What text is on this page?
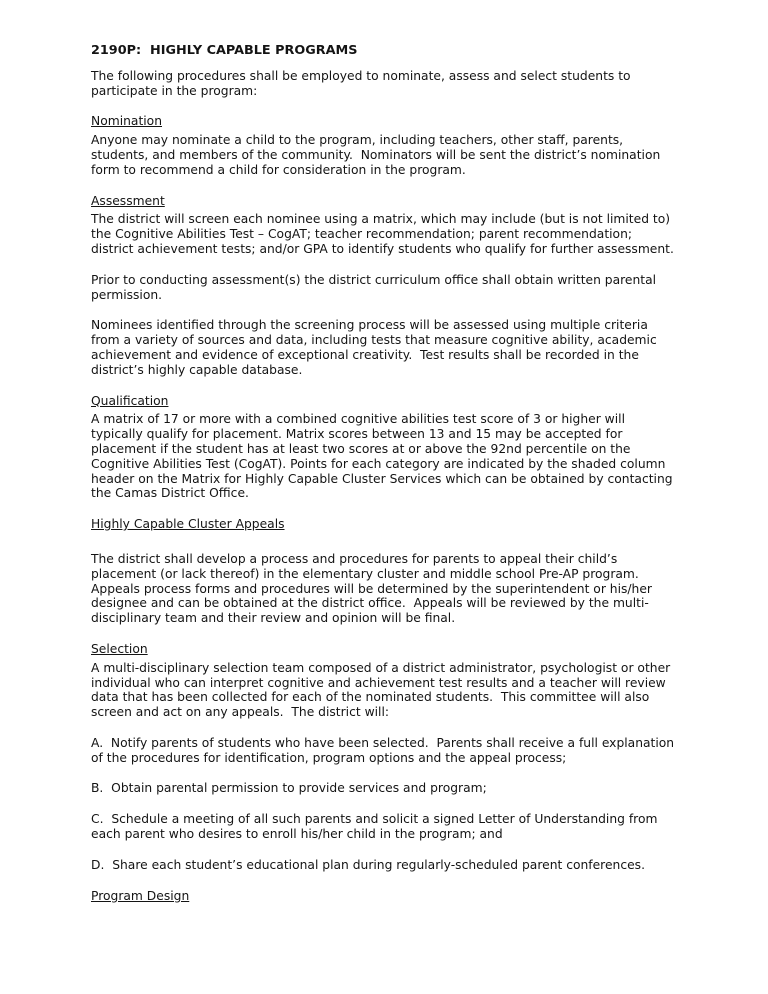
2190P:  HIGHLY CAPABLE PROGRAMS

The following procedures shall be employed to nominate, assess and select students to participate in the program:

Nomination

Anyone may nominate a child to the program, including teachers, other staff, parents, students, and members of the community.  Nominators will be sent the district’s nomination form to recommend a child for consideration in the program.

Assessment

The district will screen each nominee using a matrix, which may include (but is not limited to) the Cognitive Abilities Test – CogAT; teacher recommendation; parent recommendation; district achievement tests; and/or GPA to identify students who qualify for further assessment.

Prior to conducting assessment(s) the district curriculum office shall obtain written parental permission.

Nominees identified through the screening process will be assessed using multiple criteria from a variety of sources and data, including tests that measure cognitive ability, academic achievement and evidence of exceptional creativity.  Test results shall be recorded in the district’s highly capable database.

Qualification

A matrix of 17 or more with a combined cognitive abilities test score of 3 or higher will typically qualify for placement. Matrix scores between 13 and 15 may be accepted for placement if the student has at least two scores at or above the 92nd percentile on the Cognitive Abilities Test (CogAT). Points for each category are indicated by the shaded column header on the Matrix for Highly Capable Cluster Services which can be obtained by contacting the Camas District Office.

Highly Capable Cluster Appeals

The district shall develop a process and procedures for parents to appeal their child’s placement (or lack thereof) in the elementary cluster and middle school Pre-AP program. Appeals process forms and procedures will be determined by the superintendent or his/her designee and can be obtained at the district office.  Appeals will be reviewed by the multi-disciplinary team and their review and opinion will be final.

Selection

A multi-disciplinary selection team composed of a district administrator, psychologist or other individual who can interpret cognitive and achievement test results and a teacher will review data that has been collected for each of the nominated students.  This committee will also screen and act on any appeals.  The district will:

A.  Notify parents of students who have been selected.  Parents shall receive a full explanation of the procedures for identification, program options and the appeal process;

B.  Obtain parental permission to provide services and program;

C.  Schedule a meeting of all such parents and solicit a signed Letter of Understanding from each parent who desires to enroll his/her child in the program; and

D.  Share each student’s educational plan during regularly-scheduled parent conferences.

Program Design
